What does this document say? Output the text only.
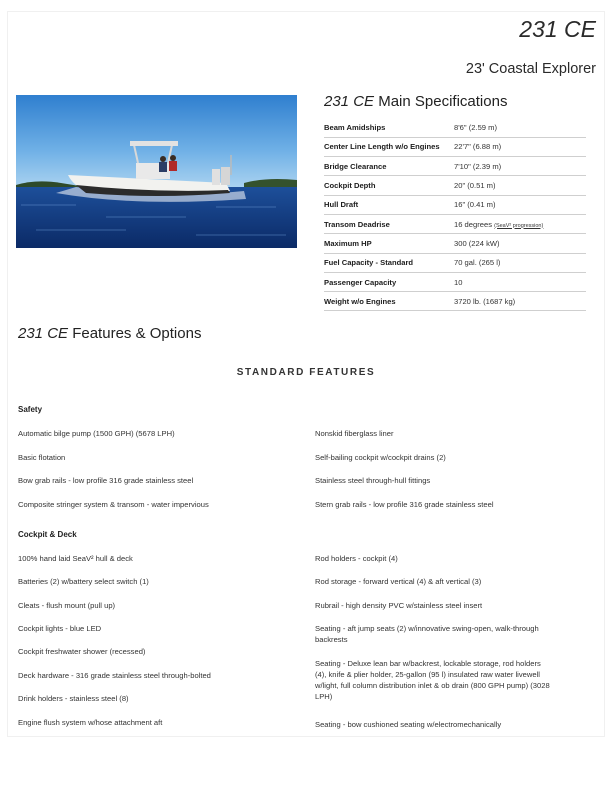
231 CE
23' Coastal Explorer
231 CE Main Specifications
Beam Amidships	8'6" (2.59 m)
Center Line Length w/o Engines	22'7" (6.88 m)
Bridge Clearance	7'10" (2.39 m)
Cockpit Depth	20" (0.51 m)
Hull Draft	16" (0.41 m)
Transom Deadrise	16 degrees (SeaV² progression)
Maximum HP	300 (224 kW)
Fuel Capacity - Standard	70 gal. (265 l)
Passenger Capacity	10
Weight w/o Engines	3720 lb. (1687 kg)
231 CE Features & Options
STANDARD FEATURES
Safety
Automatic bilge pump (1500 GPH) (5678 LPH)
Basic flotation
Bow grab rails - low profile 316 grade stainless steel
Composite stringer system & transom - water impervious
Nonskid fiberglass liner
Self-bailing cockpit w/cockpit drains (2)
Stainless steel through-hull fittings
Stern grab rails - low profile 316 grade stainless steel
Cockpit & Deck
100% hand laid SeaV² hull & deck
Batteries (2) w/battery select switch (1)
Cleats - flush mount (pull up)
Cockpit lights - blue LED
Cockpit freshwater shower (recessed)
Deck hardware - 316 grade stainless steel through-bolted
Drink holders - stainless steel (8)
Engine flush system w/hose attachment aft
Rod holders - cockpit (4)
Rod storage - forward vertical (4) & aft vertical (3)
Rubrail - high density PVC w/stainless steel insert
Seating - aft jump seats (2) w/innovative swing-open, walk-through backrests
Seating - Deluxe lean bar w/backrest, lockable storage, rod holders (4), knife & plier holder, 25-gallon (95 l) insulated raw water livewell w/light, full column distribution inlet & ob drain (800 GPH pump) (3028 LPH)
Seating - bow cushioned seating w/electromechanically
